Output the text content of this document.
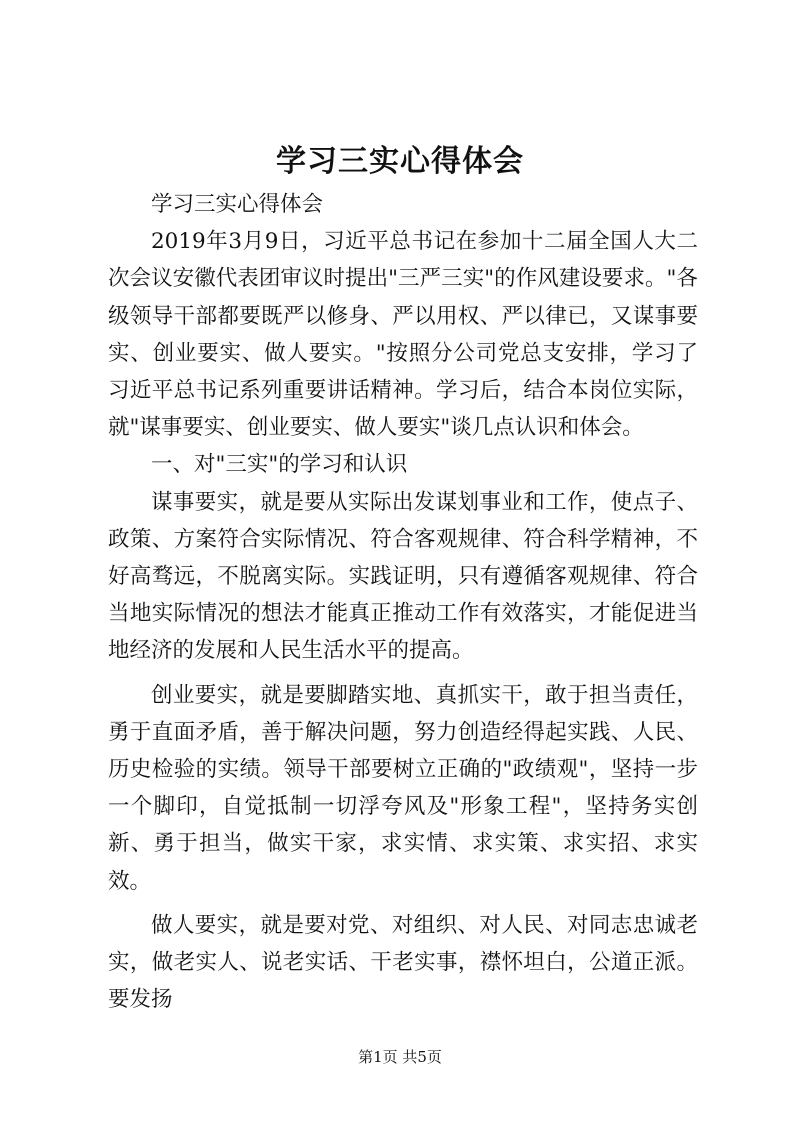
学习三实心得体会

学习三实心得体会

2019年3月9日，习近平总书记在参加十二届全国人大二次会议安徽代表团审议时提出"三严三实"的作风建设要求。"各级领导干部都要既严以修身、严以用权、严以律已，又谋事要实、创业要实、做人要实。"按照分公司党总支安排，学习了习近平总书记系列重要讲话精神。学习后，结合本岗位实际，就"谋事要实、创业要实、做人要实"谈几点认识和体会。

一、对"三实"的学习和认识

谋事要实，就是要从实际出发谋划事业和工作，使点子、政策、方案符合实际情况、符合客观规律、符合科学精神，不好高骛远，不脱离实际。实践证明，只有遵循客观规律、符合当地实际情况的想法才能真正推动工作有效落实，才能促进当地经济的发展和人民生活水平的提高。

创业要实，就是要脚踏实地、真抓实干，敢于担当责任，勇于直面矛盾，善于解决问题，努力创造经得起实践、人民、历史检验的实绩。领导干部要树立正确的"政绩观"，坚持一步一个脚印，自觉抵制一切浮夸风及"形象工程"，坚持务实创新、勇于担当，做实干家，求实情、求实策、求实招、求实效。

做人要实，就是要对党、对组织、对人民、对同志忠诚老实，做老实人、说老实话、干老实事，襟怀坦白，公道正派。要发扬

第1页 共5页
